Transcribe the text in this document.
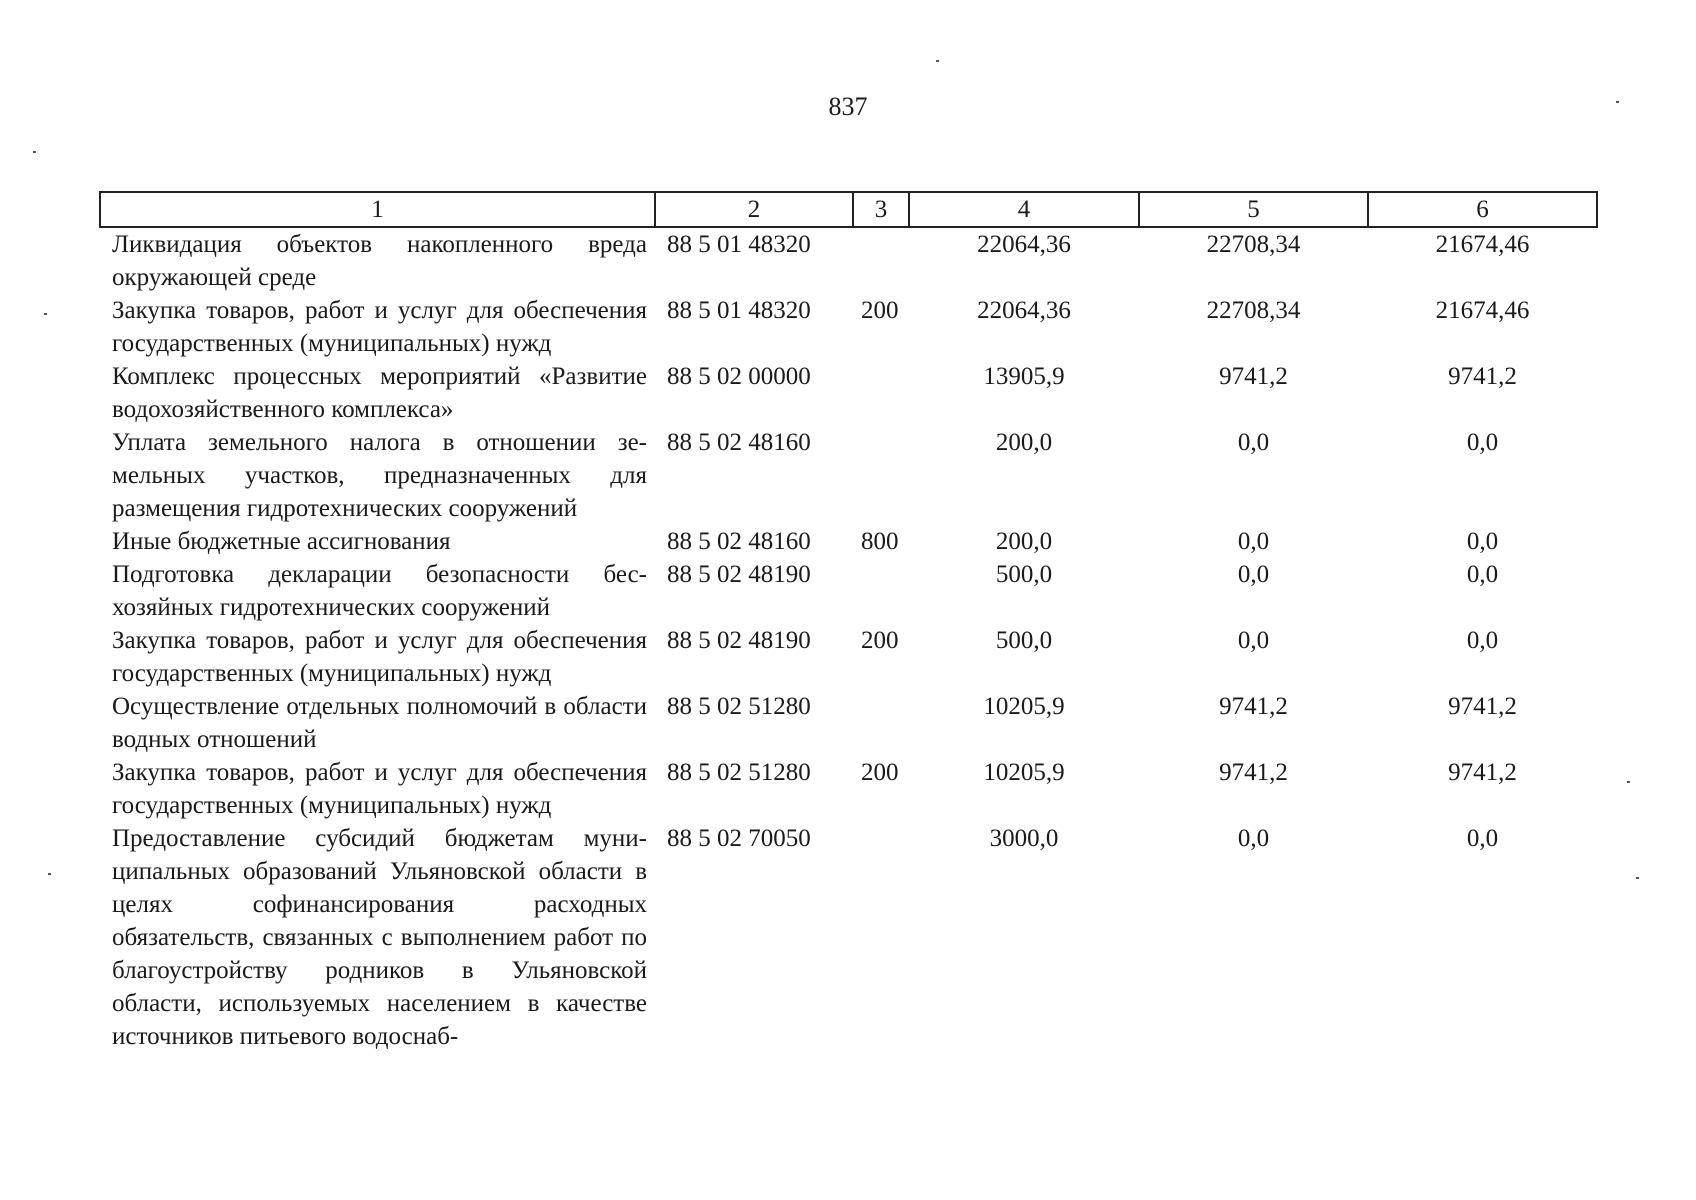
837
1	2	3	4	5	6
Ликвидация объектов накопленного вреда окружающей среде	88 5 01 48320		22064,36	22708,34	21674,46
Закупка товаров, работ и услуг для обеспечения государственных (муниципальных) нужд	88 5 01 48320	200	22064,36	22708,34	21674,46
Комплекс процессных мероприятий «Развитие водохозяйственного комплекса»	88 5 02 00000		13905,9	9741,2	9741,2
Уплата земельного налога в отношении земельных участков, предназначенных для размещения гидротехнических сооружений	88 5 02 48160		200,0	0,0	0,0
Иные бюджетные ассигнования	88 5 02 48160	800	200,0	0,0	0,0
Подготовка декларации безопасности бесхозяйных гидротехнических сооружений	88 5 02 48190		500,0	0,0	0,0
Закупка товаров, работ и услуг для обеспечения государственных (муниципальных) нужд	88 5 02 48190	200	500,0	0,0	0,0
Осуществление отдельных полномочий в области водных отношений	88 5 02 51280		10205,9	9741,2	9741,2
Закупка товаров, работ и услуг для обеспечения государственных (муниципальных) нужд	88 5 02 51280	200	10205,9	9741,2	9741,2
Предоставление субсидий бюджетам муниципальных образований Ульяновской области в целях софинансирования расходных обязательств, связанных с выполнением работ по благоустройству родников в Ульяновской области, используемых населением в качестве источников питьевого водоснаб-	88 5 02 70050		3000,0	0,0	0,0
